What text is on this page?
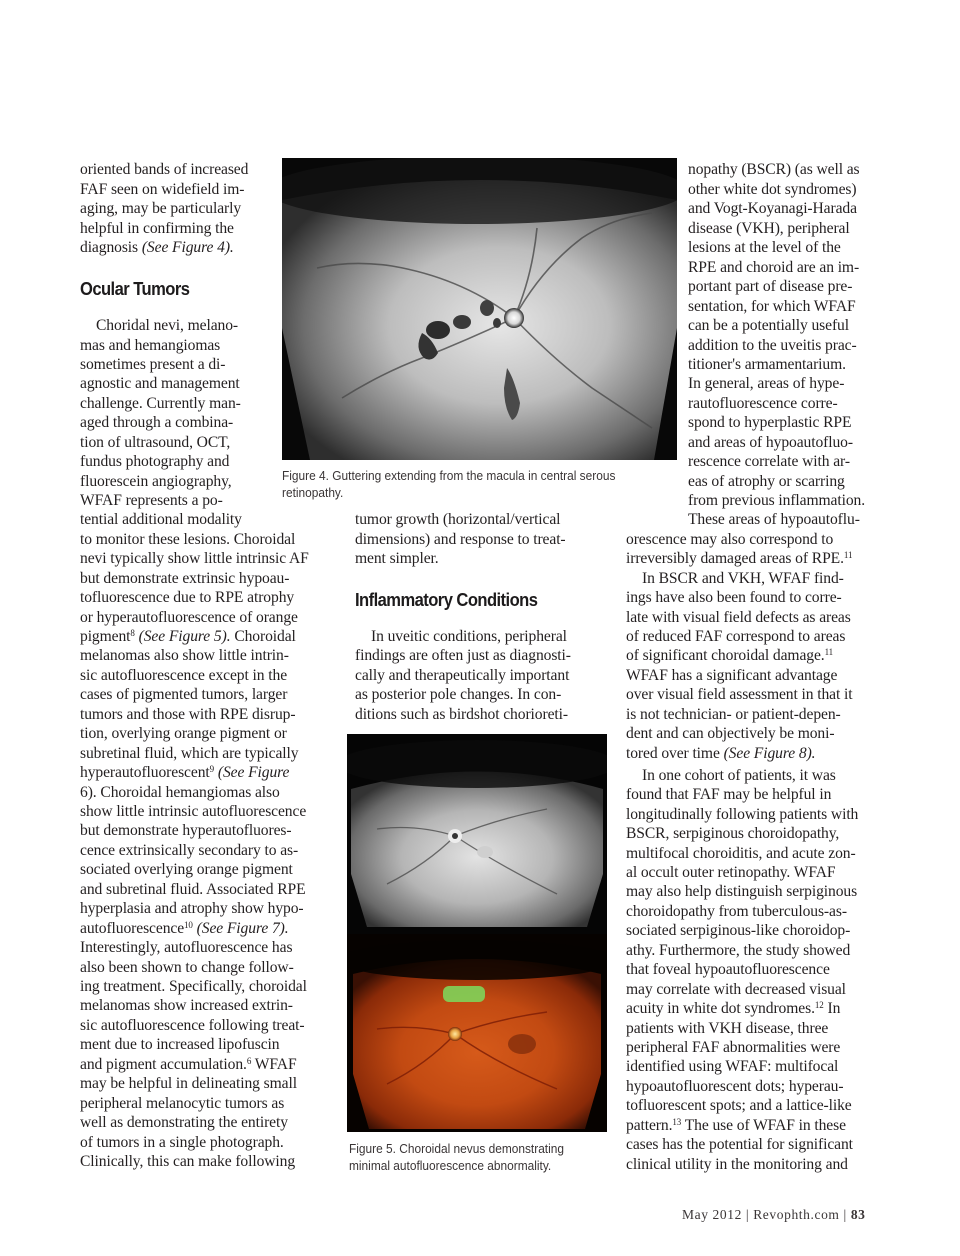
oriented bands of increased
FAF seen on widefield im-
aging, may be particularly
helpful in confirming the
diagnosis (See Figure 4).
Ocular Tumors
Choridal nevi, melano-
mas and hemangiomas
sometimes present a di-
agnostic and management
challenge. Currently man-
aged through a combina-
tion of ultrasound, OCT,
fundus photography and
fluorescein angiography,
WFAF represents a po-
tential additional modality
to monitor these lesions. Choroidal
nevi typically show little intrinsic AF
but demonstrate extrinsic hypoau-
tofluorescence due to RPE atrophy
or hyperautofluorescence of orange
pigment$^8$ (See Figure 5). Choroidal
melanomas also show little intrin-
sic autofluorescence except in the
cases of pigmented tumors, larger
tumors and those with RPE disrup-
tion, overlying orange pigment or
subretinal fluid, which are typically
hyperautofluorescent$^9$ (See Figure
6). Choroidal hemangiomas also
show little intrinsic autofluorescence
but demonstrate hyperautofluores-
cence extrinsically secondary to as-
sociated overlying orange pigment
and subretinal fluid. Associated RPE
hyperplasia and atrophy show hypo-
autofluorescence$^{10}$ (See Figure 7).
Interestingly, autofluorescence has
also been shown to change follow-
ing treatment. Specifically, choroidal
melanomas show increased extrin-
sic autofluorescence following treat-
ment due to increased lipofuscin
and pigment accumulation.$^6$ WFAF
may be helpful in delineating small
peripheral melanocytic tumors as
well as demonstrating the entirety
of tumors in a single photograph.
Clinically, this can make following
Figure 4. Guttering extending from the macula in central serous
retinopathy.
tumor growth (horizontal/vertical
dimensions) and response to treat-
ment simpler.
Inflammatory Conditions
In uveitic conditions, peripheral
findings are often just as diagnosti-
cally and therapeutically important
as posterior pole changes. In con-
ditions such as birdshot chorioreti-
Figure 5. Choroidal nevus demonstrating
minimal autofluorescence abnormality.
nopathy (BSCR) (as well as
other white dot syndromes)
and Vogt-Koyanagi-Harada
disease (VKH), peripheral
lesions at the level of the
RPE and choroid are an im-
portant part of disease pre-
sentation, for which WFAF
can be a potentially useful
addition to the uveitis prac-
titioner's armamentarium.
In general, areas of hype-
rautofluorescence corre-
spond to hyperplastic RPE
and areas of hypoautofluo-
rescence correlate with ar-
eas of atrophy or scarring
from previous inflammation.
These areas of hypoautoflu-
orescence may also correspond to
irreversibly damaged areas of RPE.$^{11}$
In BSCR and VKH, WFAF find-
ings have also been found to corre-
late with visual field defects as areas
of reduced FAF correspond to areas
of significant choroidal damage.$^{11}$
WFAF has a significant advantage
over visual field assessment in that it
is not technician- or patient-depen-
dent and can objectively be moni-
tored over time (See Figure 8).
In one cohort of patients, it was
found that FAF may be helpful in
longitudinally following patients with
BSCR, serpiginous choroidopathy,
multifocal choroiditis, and acute zon-
al occult outer retinopathy. WFAF
may also help distinguish serpiginous
choroidopathy from tuberculous-as-
sociated serpiginous-like choroidop-
athy. Furthermore, the study showed
that foveal hypoautofluorescence
may correlate with decreased visual
acuity in white dot syndromes.$^{12}$ In
patients with VKH disease, three
peripheral FAF abnormalities were
identified using WFAF: multifocal
hypoautofluorescent dots; hyperau-
tofluorescent spots; and a lattice-like
pattern.$^{13}$ The use of WFAF in these
cases has the potential for significant
clinical utility in the monitoring and
May 2012 | Revophth.com | 83
